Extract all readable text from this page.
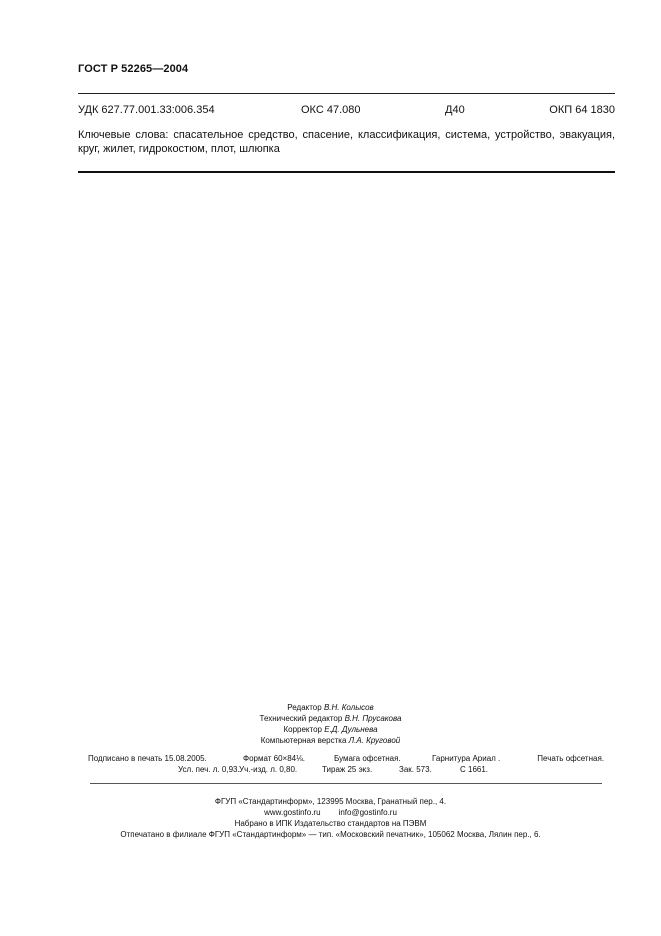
ГОСТ Р 52265—2004
УДК 627.77.001.33:006.354	ОКС 47.080	Д40	ОКП 64 1830
Ключевые слова: спасательное средство, спасение, классификация, система, устройство, эвакуация, круг, жилет, гидрокостюм, плот, шлюпка
Редактор В.Н. Колысов
Технический редактор В.Н. Прусакова
Корректор Е.Д. Дульнева
Компьютерная верстка Л.А. Круговой
Подписано в печать 15.08.2005.	Формат 60×84⅛.	Бумага офсетная.	Гарнитура Ариал .	Печать офсетная.
Усл. печ. л. 0,93. Уч.-изд. л. 0,80.	Тираж 25 экз.	Зак. 573.	С 1661.
ФГУП «Стандартинформ», 123995 Москва, Гранатный пер., 4.
www.gostinfo.ru info@gostinfo.ru
Набрано в ИПК Издательство стандартов на ПЭВМ
Отпечатано в филиале ФГУП «Стандартинформ» — тип. «Московский печатник», 105062 Москва, Лялин пер., 6.
